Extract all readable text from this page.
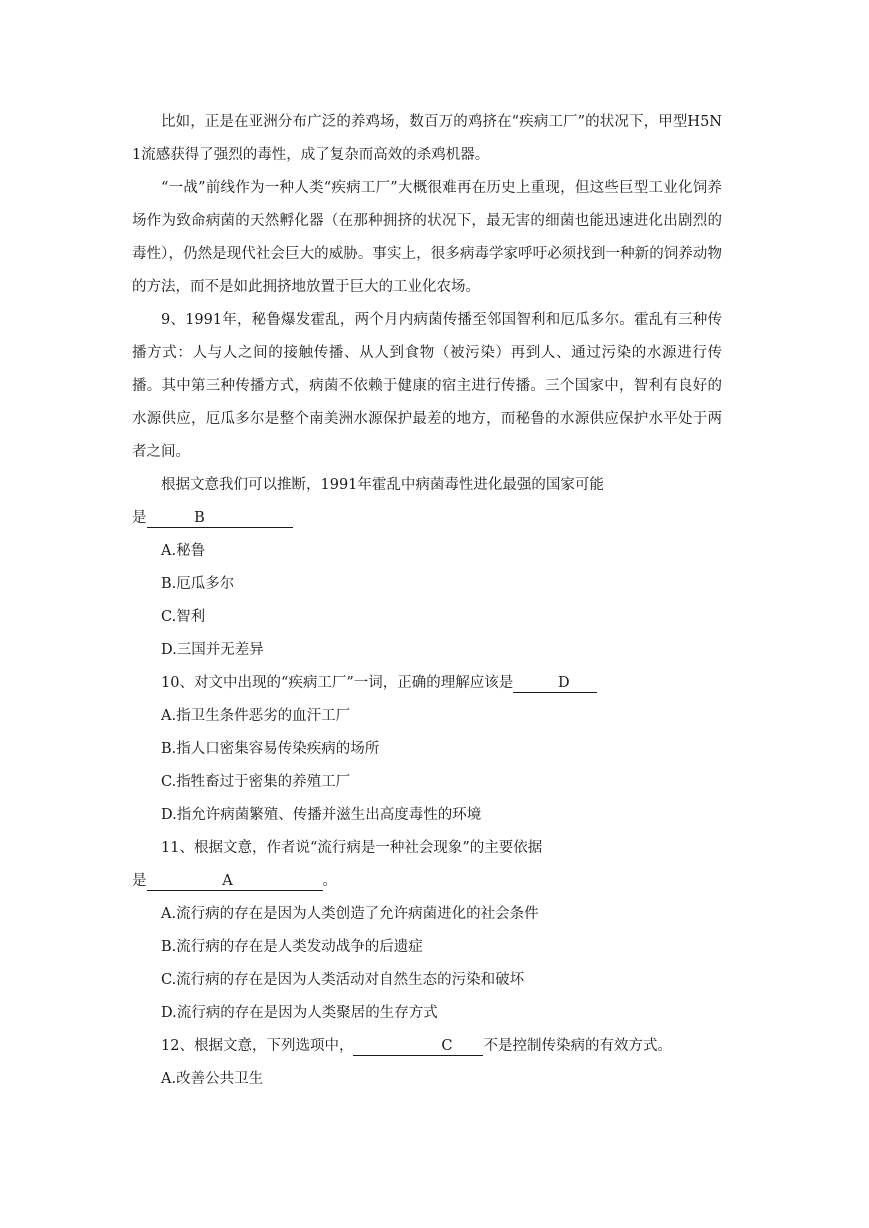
比如，正是在亚洲分布广泛的养鸡场，数百万的鸡挤在“疾病工厂”的状况下，甲型H5N1流感获得了强烈的毒性，成了复杂而高效的杀鸡机器。

“一战”前线作为一种人类“疾病工厂”大概很难再在历史上重现，但这些巨型工业化饲养场作为致命病菌的天然孵化器（在那种拥挤的状况下，最无害的细菌也能迅速进化出剧烈的毒性），仍然是现代社会巨大的威胁。事实上，很多病毒学家呼吁必须找到一种新的饲养动物的方法，而不是如此拥挤地放置于巨大的工业化农场。

9、1991年，秘鲁爆发霍乱，两个月内病菌传播至邻国智利和厄瓜多尔。霍乱有三种传播方式：人与人之间的接触传播、从人到食物（被污染）再到人、通过污染的水源进行传播。其中第三种传播方式，病菌不依赖于健康的宿主进行传播。三个国家中，智利有良好的水源供应，厄瓜多尔是整个南美洲水源保护最差的地方，而秘鲁的水源供应保护水平处于两者之间。

根据文意我们可以推断，1991年霍乱中病菌毒性进化最强的国家可能

是	B

A.秘鲁

B.厄瓜多尔

C.智利

D.三国并无差异

10、对文中出现的“疾病工厂”一词，正确的理解应该是	D

A.指卫生条件恶劣的血汗工厂

B.指人口密集容易传染疾病的场所

C.指牲畜过于密集的养殖工厂

D.指允许病菌繁殖、传播并滋生出高度毒性的环境

11、根据文意，作者说“流行病是一种社会现象”的主要依据

是	A	。

A.流行病的存在是因为人类创造了允许病菌进化的社会条件

B.流行病的存在是人类发动战争的后遗症

C.流行病的存在是因为人类活动对自然生态的污染和破坏

D.流行病的存在是因为人类聚居的生存方式

12、根据文意，下列选项中，	C 不是控制传染病的有效方式。

A.改善公共卫生
